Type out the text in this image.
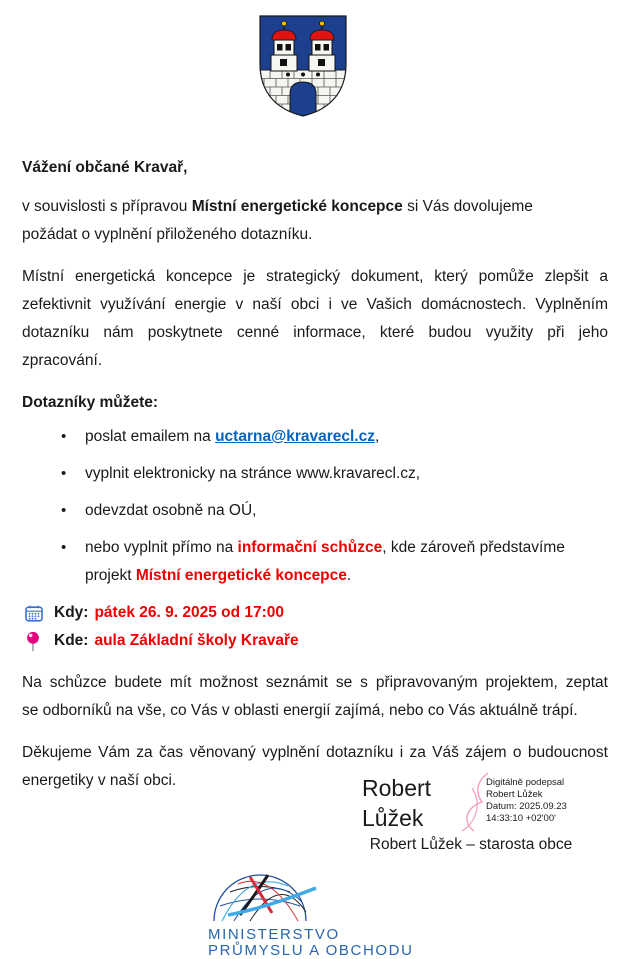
Vážení občané Kravař,

v souvislosti s přípravou Místní energetické koncepce si Vás dovolujeme
požádat o vyplnění přiloženého dotazníku.

Místní energetická koncepce je strategický dokument, který pomůže zlepšit a
zefektivnit využívání energie v naší obci i ve Vašich domácnostech. Vyplněním
dotazníku nám poskytnete cenné informace, které budou využity při jeho
zpracování.

Dotazníky můžete:
• poslat emailem na uctarna@kravarecl.cz,
• vyplnit elektronicky na stránce www.kravarecl.cz,
• odevzdat osobně na OÚ,
• nebo vyplnit přímo na informační schůzce, kde zároveň představíme
projekt Místní energetické koncepce.
Kdy: pátek 26. 9. 2025 od 17:00
Kde: aula Základní školy Kravaře

Na schůzce budete mít možnost seznámit se s připravovaným projektem, zeptat
se odborníků na vše, co Vás v oblasti energií zajímá, nebo co Vás aktuálně trápí.

Děkujeme Vám za čas věnovaný vyplnění dotazníku i za Váš zájem o budoucnost
energetiky v naší obci.	Robert
Lůžek
Digitálně podepsal
Robert Lůžek
Datum: 2025.09.23
14:33:10 +02'00'
Robert Lůžek – starosta obce
MINISTERSTVO
PRŮMYSLU A OBCHODU
